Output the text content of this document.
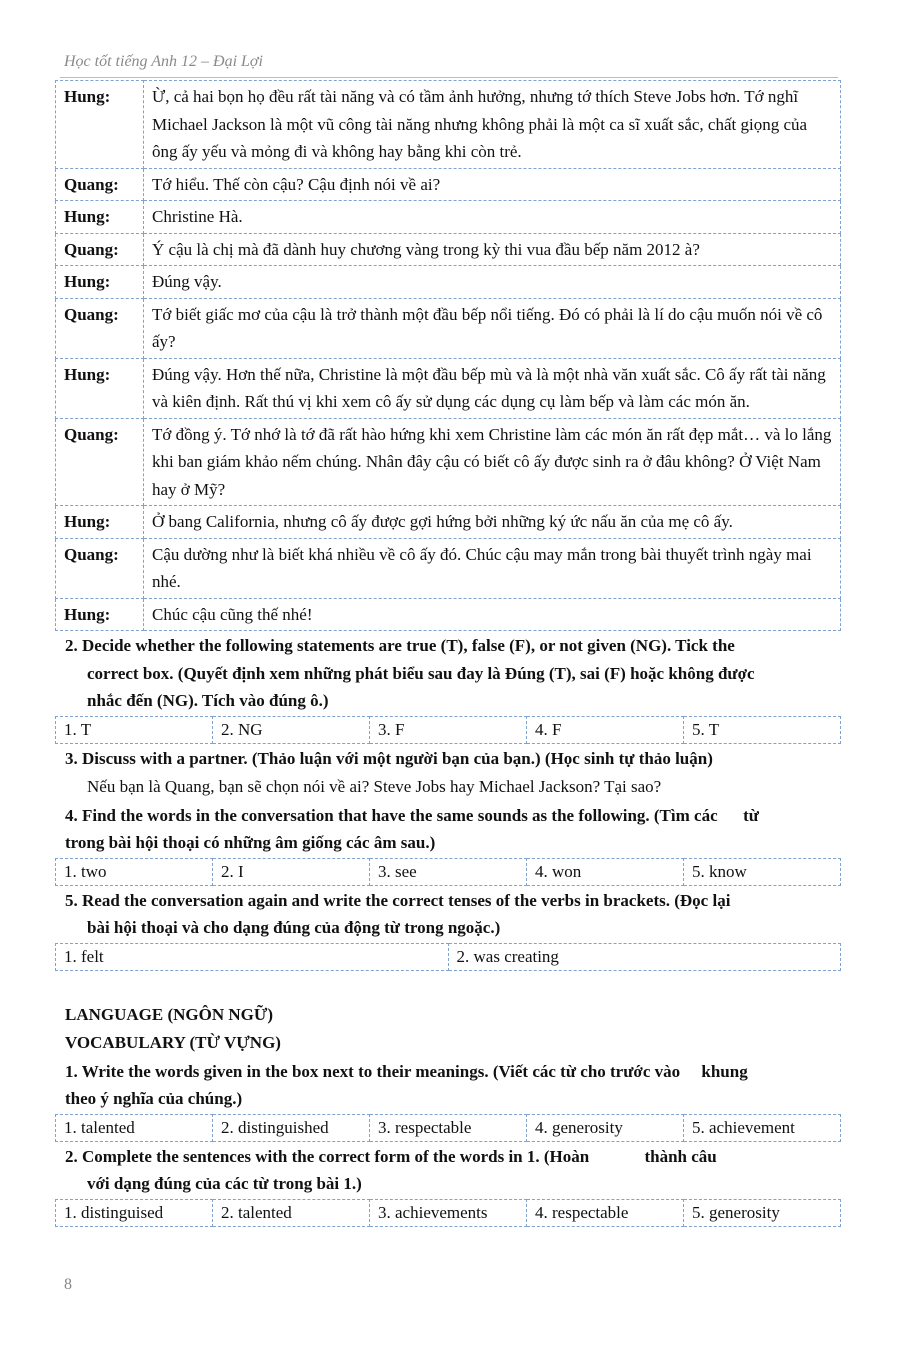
Học tốt tiếng Anh 12 – Đại Lợi
Hung:	Ừ, cả hai bọn họ đều rất tài năng và có tầm ảnh hưởng, nhưng tớ thích Steve Jobs hơn. Tớ nghĩ Michael Jackson là một vũ công tài năng nhưng không phải là một ca sĩ xuất sắc, chất giọng của ông ấy yếu và mỏng đi và không hay bằng khi còn trẻ.
Quang:	Tớ hiểu. Thế còn cậu? Cậu định nói về ai?
Hung:	Christine Hà.
Quang:	Ý cậu là chị mà đã dành huy chương vàng trong kỳ thi vua đầu bếp năm 2012 à?
Hung:	Đúng vậy.
Quang:	Tớ biết giấc mơ của cậu là trở thành một đầu bếp nổi tiếng. Đó có phải là lí do cậu muốn nói về cô ấy?
Hung:	Đúng vậy. Hơn thế nữa, Christine là một đầu bếp mù và là một nhà văn xuất sắc. Cô ấy rất tài năng và kiên định. Rất thú vị khi xem cô ấy sử dụng các dụng cụ làm bếp và làm các món ăn.
Quang:	Tớ đồng ý. Tớ nhớ là tớ đã rất hào hứng khi xem Christine làm các món ăn rất đẹp mắt… và lo lắng khi ban giám khảo nếm chúng. Nhân đây cậu có biết cô ấy được sinh ra ở đâu không? Ở Việt Nam hay ở Mỹ?
Hung:	Ở bang California, nhưng cô ấy được gợi hứng bởi những ký ức nấu ăn của mẹ cô ấy.
Quang:	Cậu dường như là biết khá nhiều về cô ấy đó. Chúc cậu may mắn trong bài thuyết trình ngày mai nhé.
Hung:	Chúc cậu cũng thế nhé!

2. Decide whether the following statements are true (T), false (F), or not given (NG). Tick the
correct box. (Quyết định xem những phát biểu sau đay là Đúng (T), sai (F) hoặc không được
nhắc đến (NG). Tích vào đúng ô.)

1. T	2. NG	3. F	4. F	5. T

3. Discuss with a partner. (Thảo luận với một người bạn của bạn.) (Học sinh tự thảo luận)

Nếu bạn là Quang, bạn sẽ chọn nói về ai? Steve Jobs hay Michael Jackson? Tại sao?

4. Find the words in the conversation that have the same sounds as the following. (Tìm các      từ
trong bài hội thoại có những âm giống các âm sau.)

1. two	2. I	3. see	4. won	5. know

5. Read the conversation again and write the correct tenses of the verbs in brackets. (Đọc lại
bài hội thoại và cho dạng đúng của động từ trong ngoặc.)

1. felt	2. was creating

LANGUAGE (NGÔN NGỮ)

VOCABULARY (TỪ VỰNG)

1. Write the words given in the box next to their meanings. (Viết các từ cho trước vào     khung
theo ý nghĩa của chúng.)

1. talented	2. distinguished	3. respectable	4. generosity	5. achievement

2. Complete the sentences with the correct form of the words in 1. (Hoàn             thành câu
với dạng đúng của các từ trong bài 1.)

1. distinguised	2. talented	3. achievements	4. respectable	5. generosity
8
